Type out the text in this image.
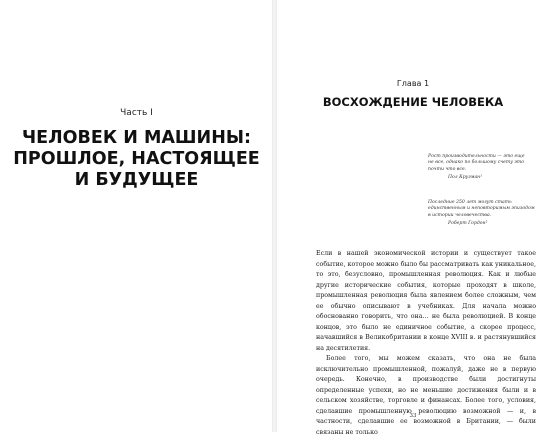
Часть I
ЧЕЛОВЕК И МАШИНЫ:
ПРОШЛОЕ, НАСТОЯЩЕЕ
И БУДУЩЕЕ
Глава 1
ВОСХОЖДЕНИЕ ЧЕЛОВЕКА
Рост производительности — это еще
не все, однако по большому счету это
почти что все.
Пол Кругман¹
Последние 250 лет могут стать
единственным и неповторимым эпизодом
в истории человечества.
Роберт Гордон²

Если в нашей экономической истории и существует такое событие, которое можно было бы рассматривать как уникальное, то это, безусловно, промышленная революция. Как и любые другие исторические события, которые проходят в школе, промышленная революция была явлением более сложным, чем ее обычно описывают в учебниках. Для начала можно обоснованно говорить, что она… не была революцией. В конце концов, это было не единичное событие, а скорее процесс, начавшийся в Великобритании в конце XVIII в. и растянувшийся на десятилетия.

Более того, мы можем сказать, что она не была исключительно промышленной, пожалуй, даже не в первую очередь. Конечно, в производстве были достигнуты определенные успехи, но не меньшие достижения были и в сельском хозяйстве, торговле и финансах. Более того, условия, сделавшие промышленную революцию возможной — и, в частности, сделавшие ее возможной в Британии, — были связаны не только

33
